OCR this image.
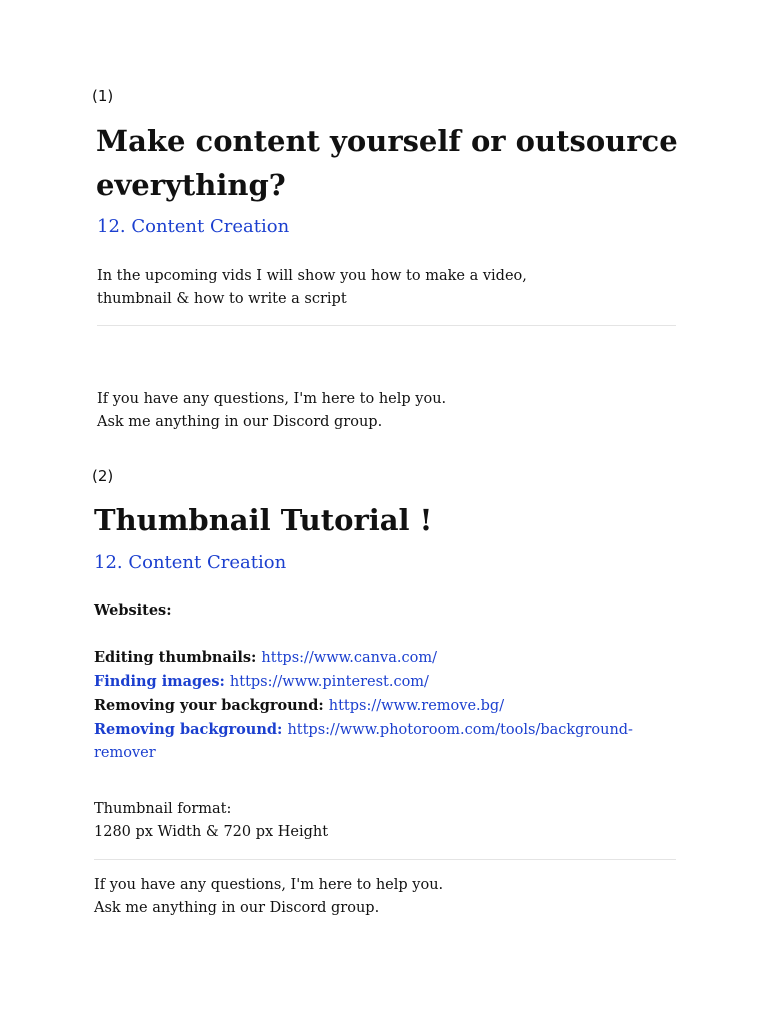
(1)
Make content yourself or outsource
everything?
12. Content Creation
In the upcoming vids I will show you how to make a video,
thumbnail & how to write a script
If you have any questions, I'm here to help you.
Ask me anything in our Discord group.
(2)
Thumbnail Tutorial !
12. Content Creation
Websites:
Editing thumbnails: https://www.canva.com/
Finding images: https://www.pinterest.com/
Removing your background: https://www.remove.bg/
Removing background: https://www.photoroom.com/tools/background-
remover
Thumbnail format:
1280 px Width & 720 px Height
If you have any questions, I'm here to help you.
Ask me anything in our Discord group.
